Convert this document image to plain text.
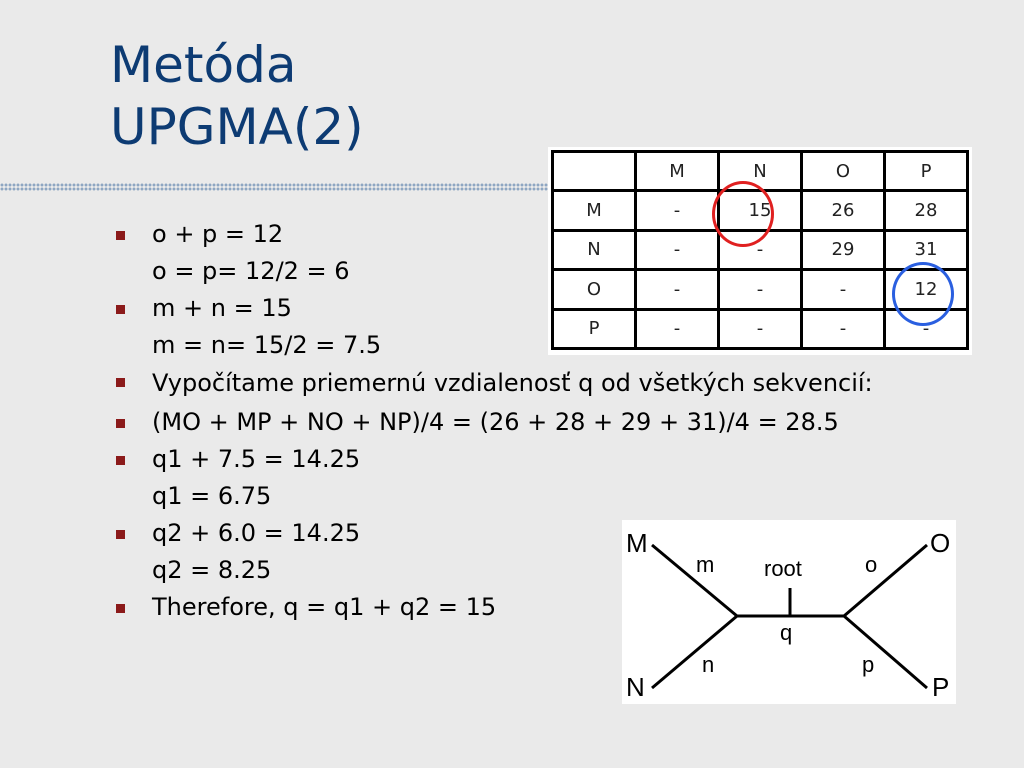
Metóda
UPGMA(2)
o + p = 12
o = p= 12/2 = 6
m + n = 15
m = n= 15/2 = 7.5
Vypočítame priemernú vzdialenosť q od všetkých sekvencií:
(MO + MP + NO + NP)/4 = (26 + 28 + 29 + 31)/4 = 28.5
q1 + 7.5 = 14.25
q1 = 6.75
q2 + 6.0 = 14.25
q2 = 8.25
Therefore, q = q1 + q2 = 15
	M	N	O	P
M	-	15	26	28
N	-	-	29	31
O	-	-	-	12
P	-	-	-	-
M
N
O
P
m
n
o
p
root
q
